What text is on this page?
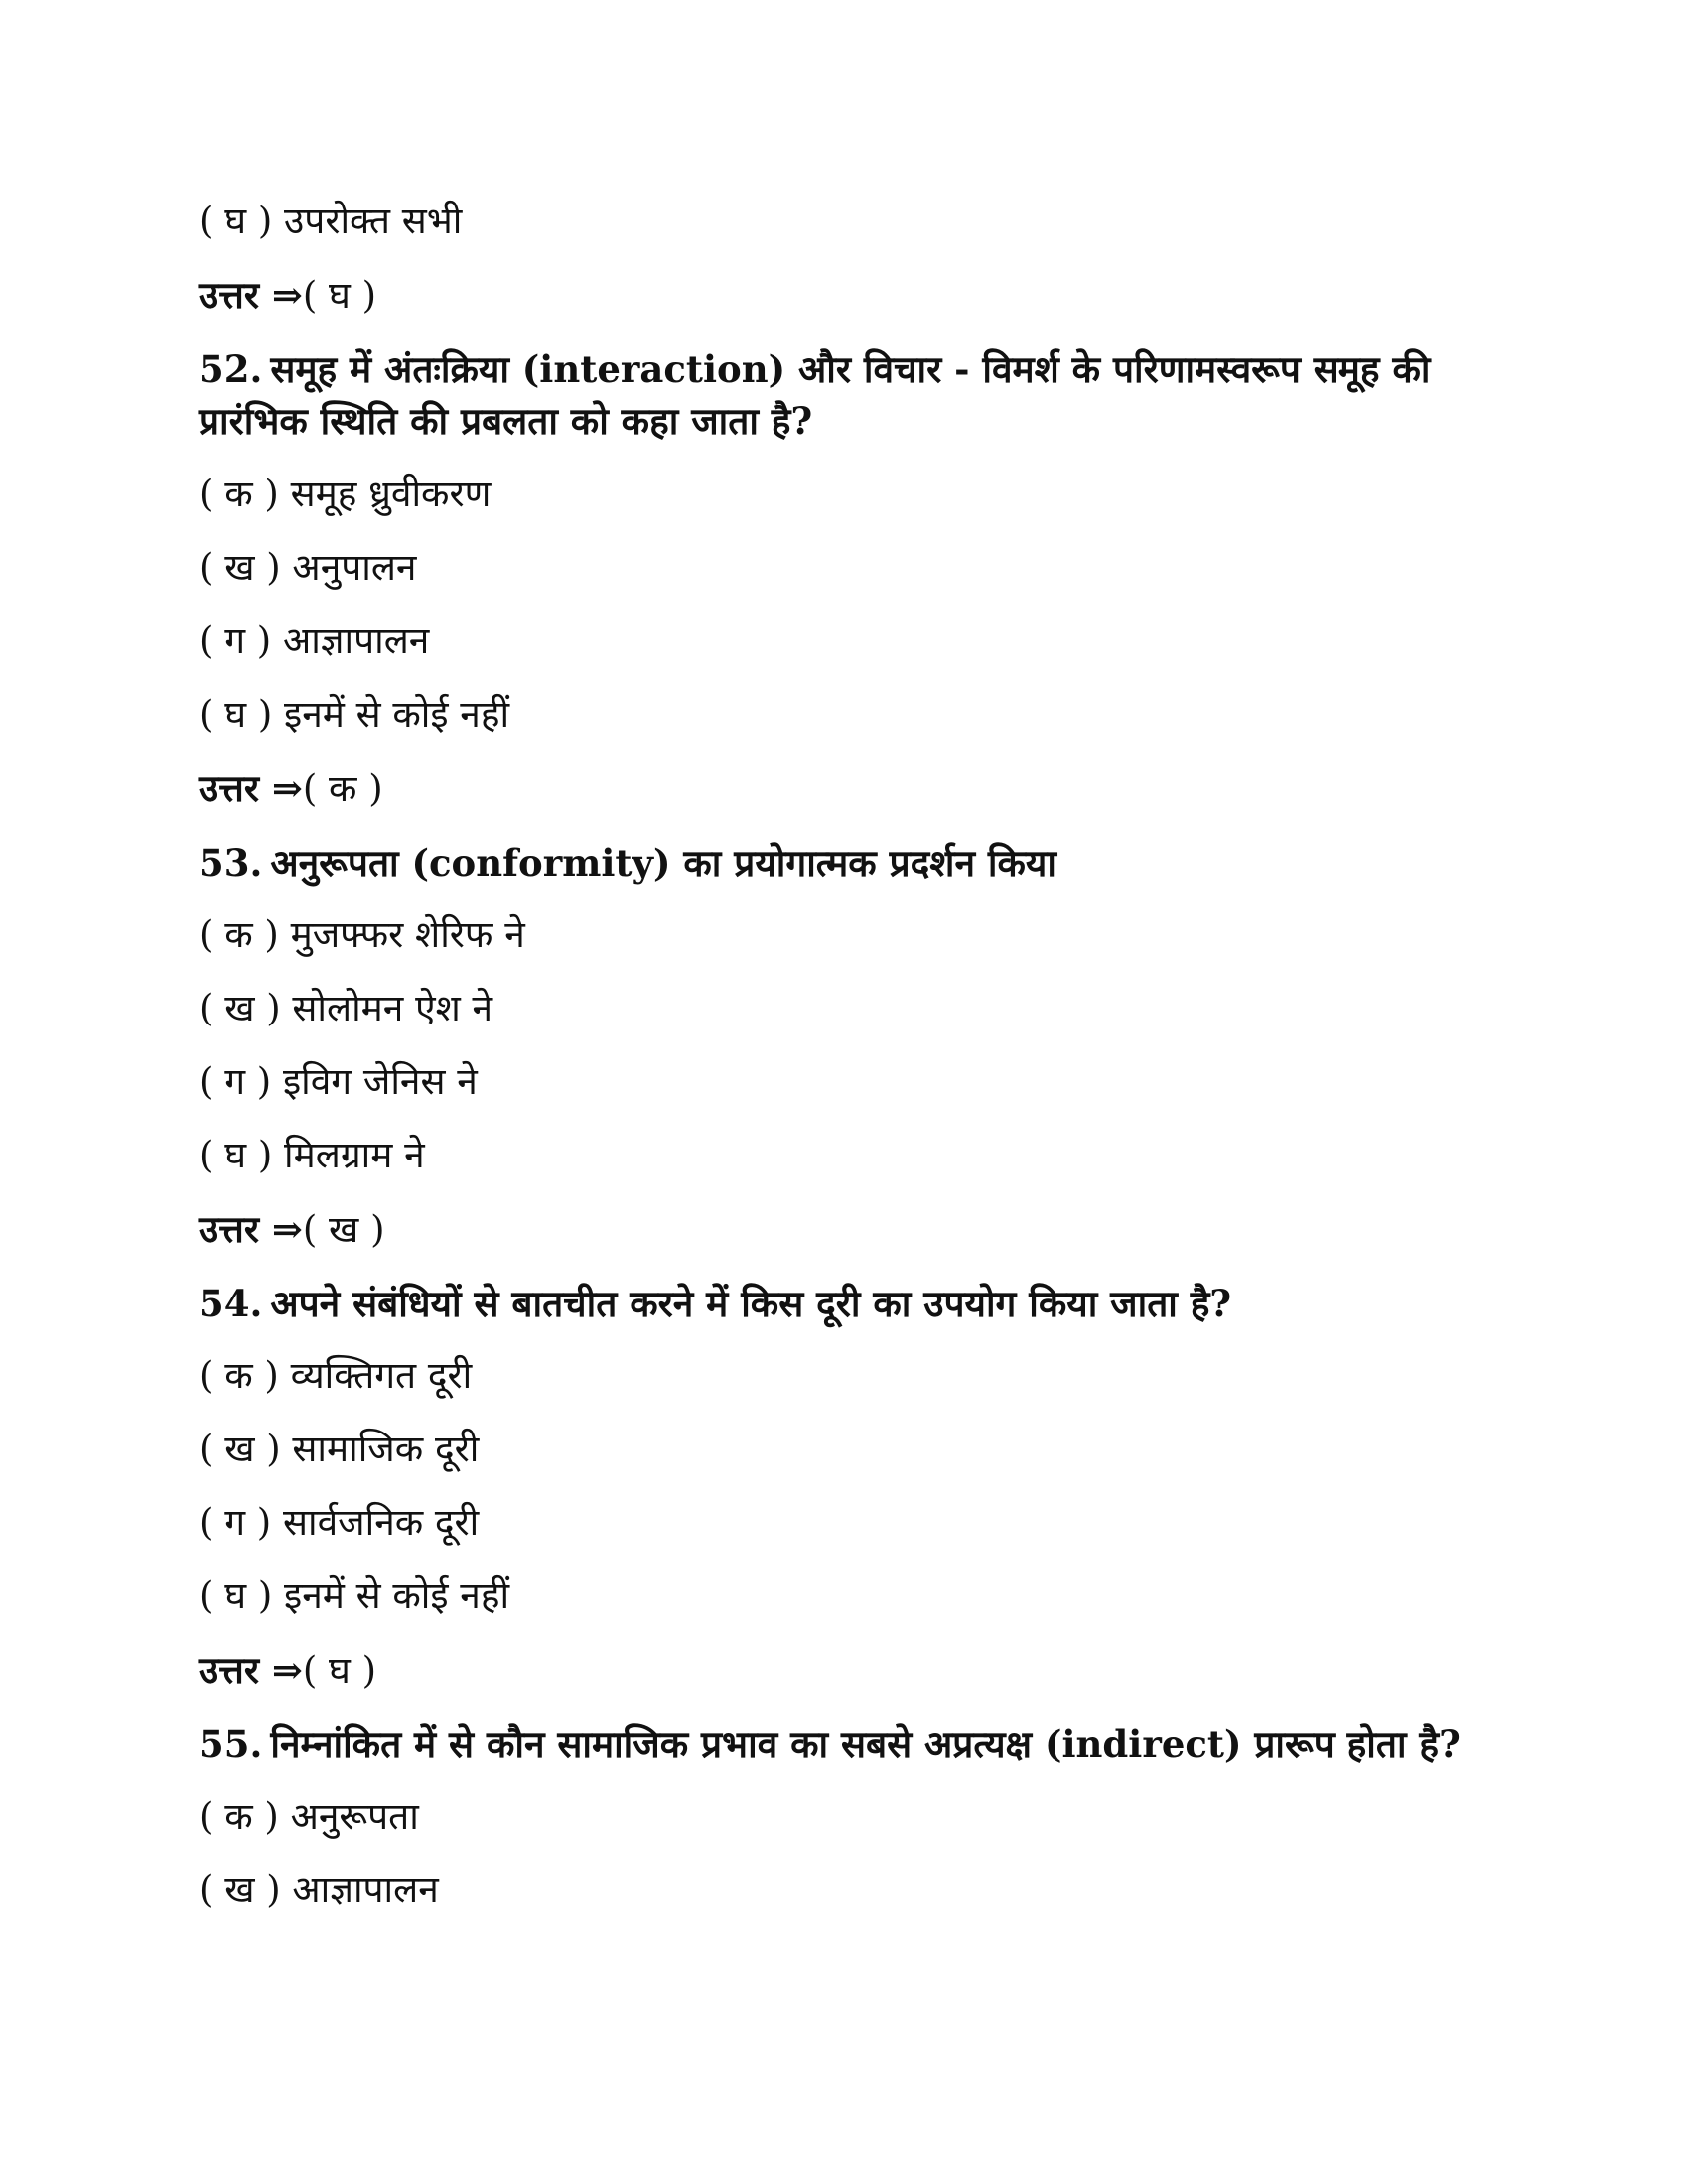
( घ ) उपरोक्त सभी
उत्तर ⇒( घ )
52. समूह में अंतःक्रिया (interaction) और विचार - विमर्श के परिणामस्वरूप समूह की प्रारंभिक स्थिति की प्रबलता को कहा जाता है?
( क ) समूह ध्रुवीकरण
( ख ) अनुपालन
( ग ) आज्ञापालन
( घ ) इनमें से कोई नहीं
उत्तर ⇒( क )
53. अनुरूपता (conformity) का प्रयोगात्मक प्रदर्शन किया
( क ) मुजफ्फर शेरिफ ने
( ख ) सोलोमन ऐश ने
( ग ) इविग जेनिस ने
( घ ) मिलग्राम ने
उत्तर ⇒( ख )
54. अपने संबंधियों से बातचीत करने में किस दूरी का उपयोग किया जाता है?
( क ) व्यक्तिगत दूरी
( ख ) सामाजिक दूरी
( ग ) सार्वजनिक दूरी
( घ ) इनमें से कोई नहीं
उत्तर ⇒( घ )
55. निम्नांकित में से कौन सामाजिक प्रभाव का सबसे अप्रत्यक्ष (indirect) प्रारूप होता है?
( क ) अनुरूपता
( ख ) आज्ञापालन
